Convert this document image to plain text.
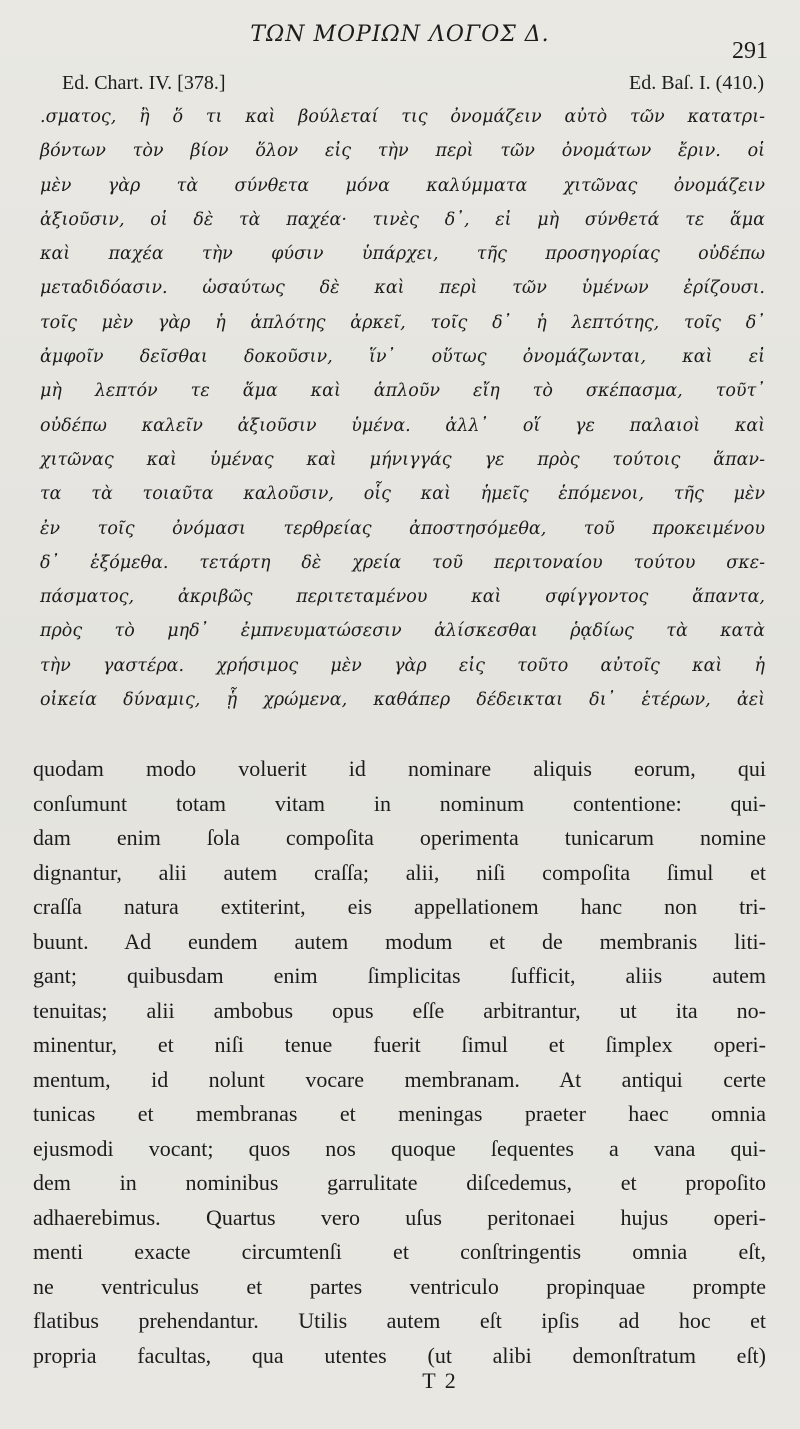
ΤΩΝ ΜΟΡΙΩΝ ΛΟΓΟΣ Δ.
291
Ed. Chart. IV. [378.]	Ed. Baſ. I. (410.)
.σματος, ἢ ὅ τι καὶ βούλεταί τις ὀνομάζειν αὐτὸ τῶν κατατρι-
βόντων τὸν βίον ὅλον εἰς τὴν περὶ τῶν ὀνομάτων ἔριν. οἱ
μὲν γὰρ τὰ σύνθετα μόνα καλύμματα χιτῶνας ὀνομάζειν
ἀξιοῦσιν, οἱ δὲ τὰ παχέα· τινὲς δ᾽, εἰ μὴ σύνθετά τε ἅμα
καὶ παχέα τὴν φύσιν ὑπάρχει, τῆς προσηγορίας οὐδέπω
μεταδιδόασιν. ὡσαύτως δὲ καὶ περὶ τῶν ὑμένων ἐρίζουσι.
τοῖς μὲν γὰρ ἡ ἁπλότης ἀρκεῖ, τοῖς δ᾽ ἡ λεπτότης, τοῖς δ᾽
ἀμφοῖν δεῖσθαι δοκοῦσιν, ἵν᾽ οὕτως ὀνομάζωνται, καὶ εἰ
μὴ λεπτόν τε ἅμα καὶ ἁπλοῦν εἴη τὸ σκέπασμα, τοῦτ᾽
οὐδέπω καλεῖν ἀξιοῦσιν ὑμένα. ἀλλ᾽ οἵ γε παλαιοὶ καὶ
χιτῶνας καὶ ὑμένας καὶ μήνιγγάς γε πρὸς τούτοις ἅπαν-
τα τὰ τοιαῦτα καλοῦσιν, οἷς καὶ ἡμεῖς ἑπόμενοι, τῆς μὲν
ἐν τοῖς ὀνόμασι τερθρείας ἀποστησόμεθα, τοῦ προκειμένου
δ᾽ ἑξόμεθα. τετάρτη δὲ χρεία τοῦ περιτοναίου τούτου σκε-
πάσματος, ἀκριβῶς περιτεταμένου καὶ σφίγγοντος ἅπαντα,
πρὸς τὸ μηδ᾽ ἐμπνευματώσεσιν ἁλίσκεσθαι ῥᾳδίως τὰ κατὰ
τὴν γαστέρα. χρήσιμος μὲν γὰρ εἰς τοῦτο αὐτοῖς καὶ ἡ
οἰκεία δύναμις, ᾗ χρώμενα, καθάπερ δέδεικται δι᾽ ἑτέρων, ἀεὶ
quodam modo voluerit id nominare aliquis eorum, qui
conſumunt totam vitam in nominum contentione: qui-
dam enim ſola compoſita operimenta tunicarum nomine
dignantur, alii autem craſſa; alii, niſi compoſita ſimul et
craſſa natura extiterint, eis appellationem hanc non tri-
buunt. Ad eundem autem modum et de membranis liti-
gant; quibusdam enim ſimplicitas ſufficit, aliis autem
tenuitas; alii ambobus opus eſſe arbitrantur, ut ita no-
minentur, et niſi tenue fuerit ſimul et ſimplex operi-
mentum, id nolunt vocare membranam. At antiqui certe
tunicas et membranas et meningas praeter haec omnia
ejusmodi vocant; quos nos quoque ſequentes a vana qui-
dem in nominibus garrulitate diſcedemus, et propoſito
adhaerebimus. Quartus vero uſus peritonaei hujus operi-
menti exacte circumtenſi et conſtringentis omnia eſt,
ne ventriculus et partes ventriculo propinquae prompte
flatibus prehendantur. Utilis autem eſt ipſis ad hoc et
propria facultas, qua utentes (ut alibi demonſtratum eſt)
T 2
